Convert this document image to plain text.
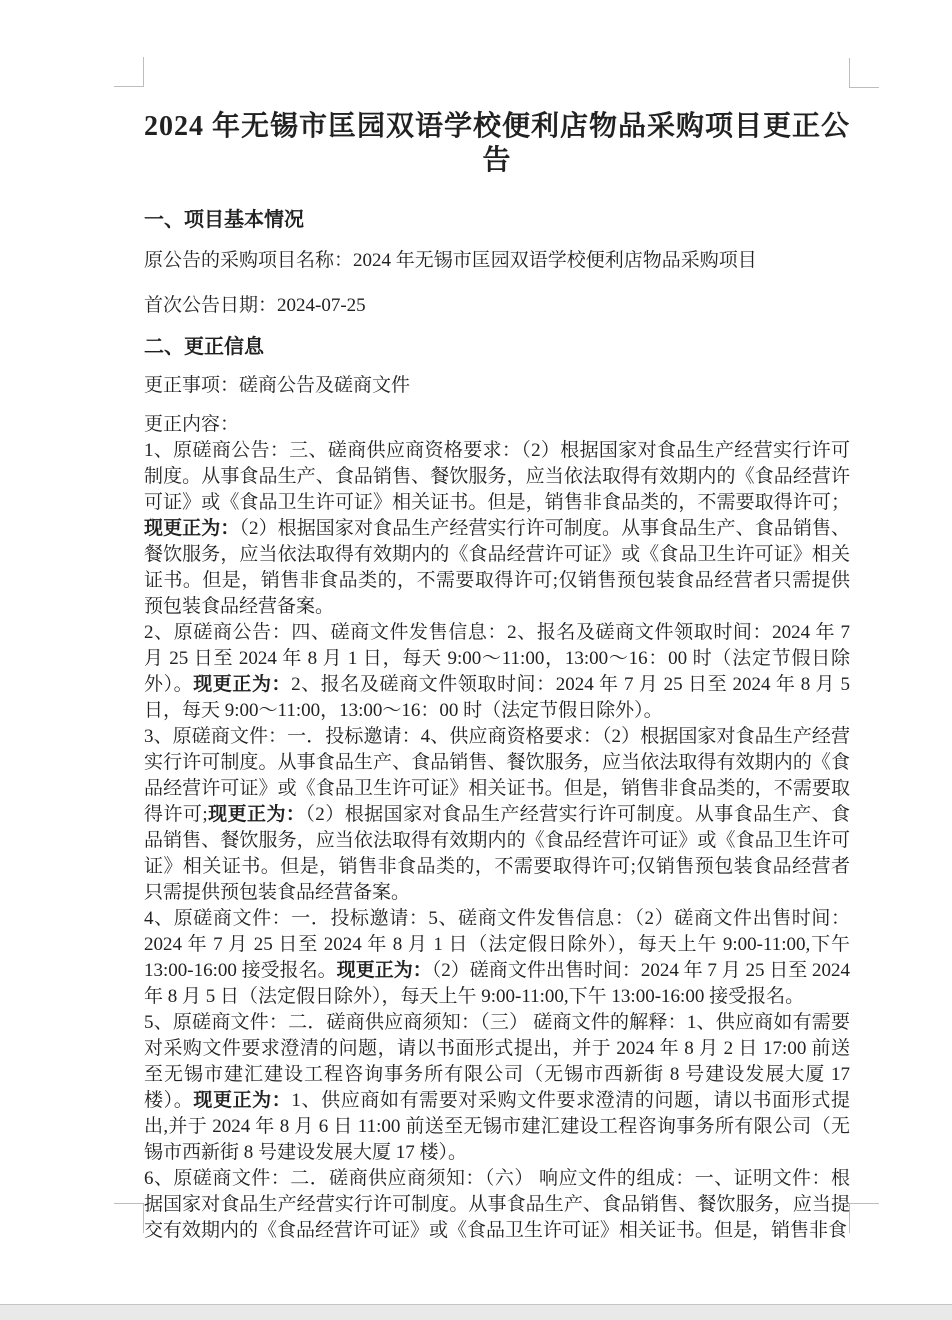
2024 年无锡市匡园双语学校便利店物品采购项目更正公告
一、项目基本情况
原公告的采购项目名称：2024 年无锡市匡园双语学校便利店物品采购项目
首次公告日期：2024-07-25
二、更正信息
更正事项：磋商公告及磋商文件
更正内容：
1、原磋商公告：三、磋商供应商资格要求：（2）根据国家对食品生产经营实行许可制度。从事食品生产、食品销售、餐饮服务，应当依法取得有效期内的《食品经营许可证》或《食品卫生许可证》相关证书。但是，销售非食品类的，不需要取得许可；现更正为：（2）根据国家对食品生产经营实行许可制度。从事食品生产、食品销售、餐饮服务，应当依法取得有效期内的《食品经营许可证》或《食品卫生许可证》相关证书。但是，销售非食品类的，不需要取得许可;仅销售预包装食品经营者只需提供预包装食品经营备案。
2、原磋商公告：四、磋商文件发售信息：2、报名及磋商文件领取时间：2024 年 7 月 25 日至 2024 年 8 月 1 日，每天 9:00～11:00，13:00～16：00 时（法定节假日除外）。现更正为：2、报名及磋商文件领取时间：2024 年 7 月 25 日至 2024 年 8 月 5 日，每天 9:00～11:00，13:00～16：00 时（法定节假日除外）。
3、原磋商文件：一．投标邀请：4、供应商资格要求：（2）根据国家对食品生产经营实行许可制度。从事食品生产、食品销售、餐饮服务，应当依法取得有效期内的《食品经营许可证》或《食品卫生许可证》相关证书。但是，销售非食品类的，不需要取得许可;现更正为：（2）根据国家对食品生产经营实行许可制度。从事食品生产、食品销售、餐饮服务，应当依法取得有效期内的《食品经营许可证》或《食品卫生许可证》相关证书。但是，销售非食品类的，不需要取得许可;仅销售预包装食品经营者只需提供预包装食品经营备案。
4、原磋商文件：一．投标邀请：5、磋商文件发售信息：（2）磋商文件出售时间：2024 年 7 月 25 日至 2024 年 8 月 1 日（法定假日除外），每天上午 9:00-11:00,下午 13:00-16:00 接受报名。现更正为：（2）磋商文件出售时间：2024 年 7 月 25 日至 2024 年 8 月 5 日（法定假日除外），每天上午 9:00-11:00,下午 13:00-16:00 接受报名。
5、原磋商文件：二．磋商供应商须知：（三） 磋商文件的解释：1、供应商如有需要对采购文件要求澄清的问题，请以书面形式提出，并于 2024 年 8 月 2 日 17:00 前送至无锡市建汇建设工程咨询事务所有限公司（无锡市西新街 8 号建设发展大厦 17 楼）。现更正为：1、供应商如有需要对采购文件要求澄清的问题，请以书面形式提出,并于 2024 年 8 月 6 日 11:00 前送至无锡市建汇建设工程咨询事务所有限公司（无锡市西新街 8 号建设发展大厦 17 楼）。
6、原磋商文件：二．磋商供应商须知：（六） 响应文件的组成：一、证明文件：根据国家对食品生产经营实行许可制度。从事食品生产、食品销售、餐饮服务，应当提交有效期内的《食品经营许可证》或《食品卫生许可证》相关证书。但是，销售非食
